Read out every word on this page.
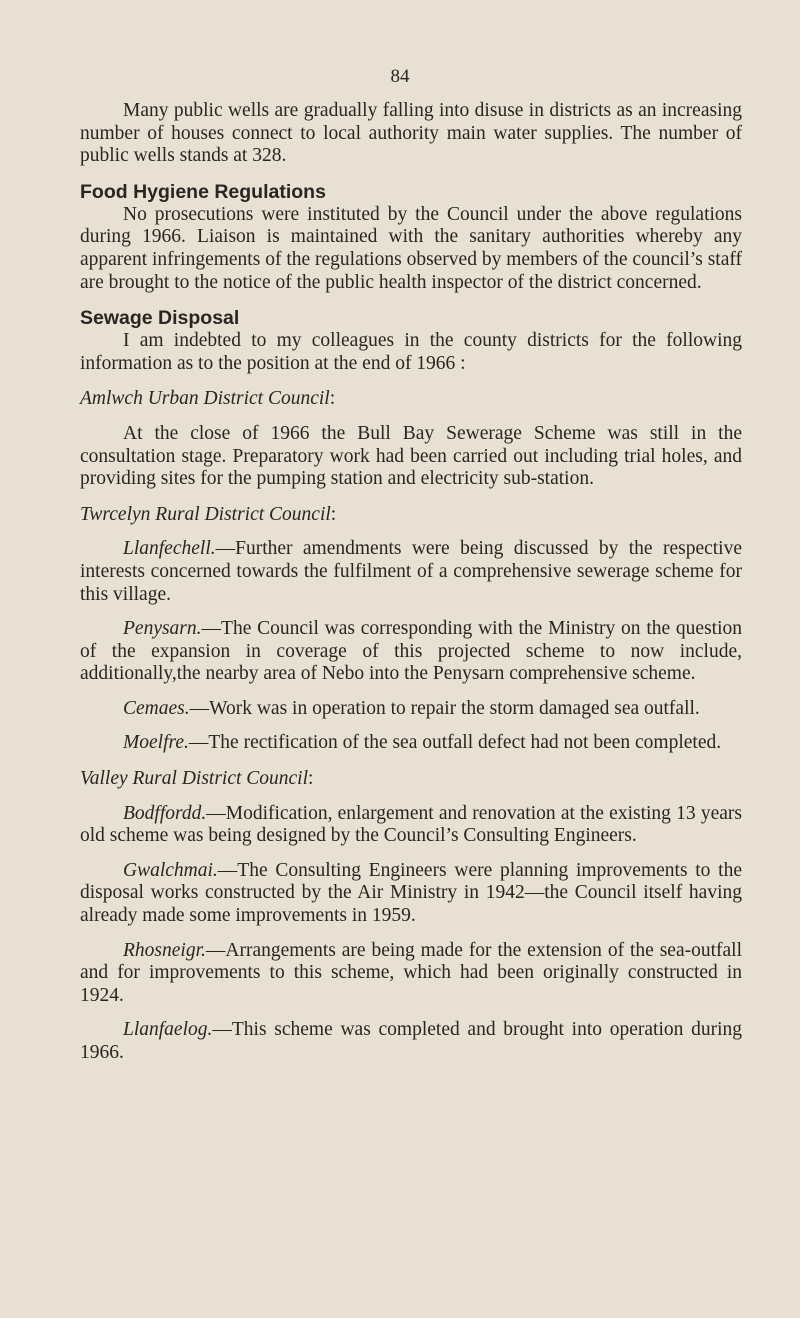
84

Many public wells are gradually falling into disuse in districts as an increasing number of houses connect to local authority main water supplies. The number of public wells stands at 328.

Food Hygiene Regulations

No prosecutions were instituted by the Council under the above regulations during 1966. Liaison is maintained with the sanitary authorities whereby any apparent infringements of the regulations observed by members of the council’s staff are brought to the notice of the public health inspector of the district concerned.

Sewage Disposal

I am indebted to my colleagues in the county districts for the following information as to the position at the end of 1966 :

Amlwch Urban District Council:

At the close of 1966 the Bull Bay Sewerage Scheme was still in the consultation stage. Preparatory work had been carried out including trial holes, and providing sites for the pumping station and electricity sub-station.

Twrcelyn Rural District Council:

Llanfechell.—Further amendments were being discussed by the respective interests concerned towards the fulfilment of a comprehensive sewerage scheme for this village.

Penysarn.—The Council was corresponding with the Ministry on the question of the expansion in coverage of this projected scheme to now include, additionally,the nearby area of Nebo into the Penysarn comprehensive scheme.

Cemaes.—Work was in operation to repair the storm damaged sea outfall.

Moelfre.—The rectification of the sea outfall defect had not been completed.

Valley Rural District Council:

Bodffordd.—Modification, enlargement and renovation at the existing 13 years old scheme was being designed by the Council’s Consulting Engineers.

Gwalchmai.—The Consulting Engineers were planning improvements to the disposal works constructed by the Air Ministry in 1942—the Council itself having already made some improvements in 1959.

Rhosneigr.—Arrangements are being made for the extension of the sea-outfall and for improvements to this scheme, which had been originally constructed in 1924.

Llanfaelog.—This scheme was completed and brought into operation during 1966.
